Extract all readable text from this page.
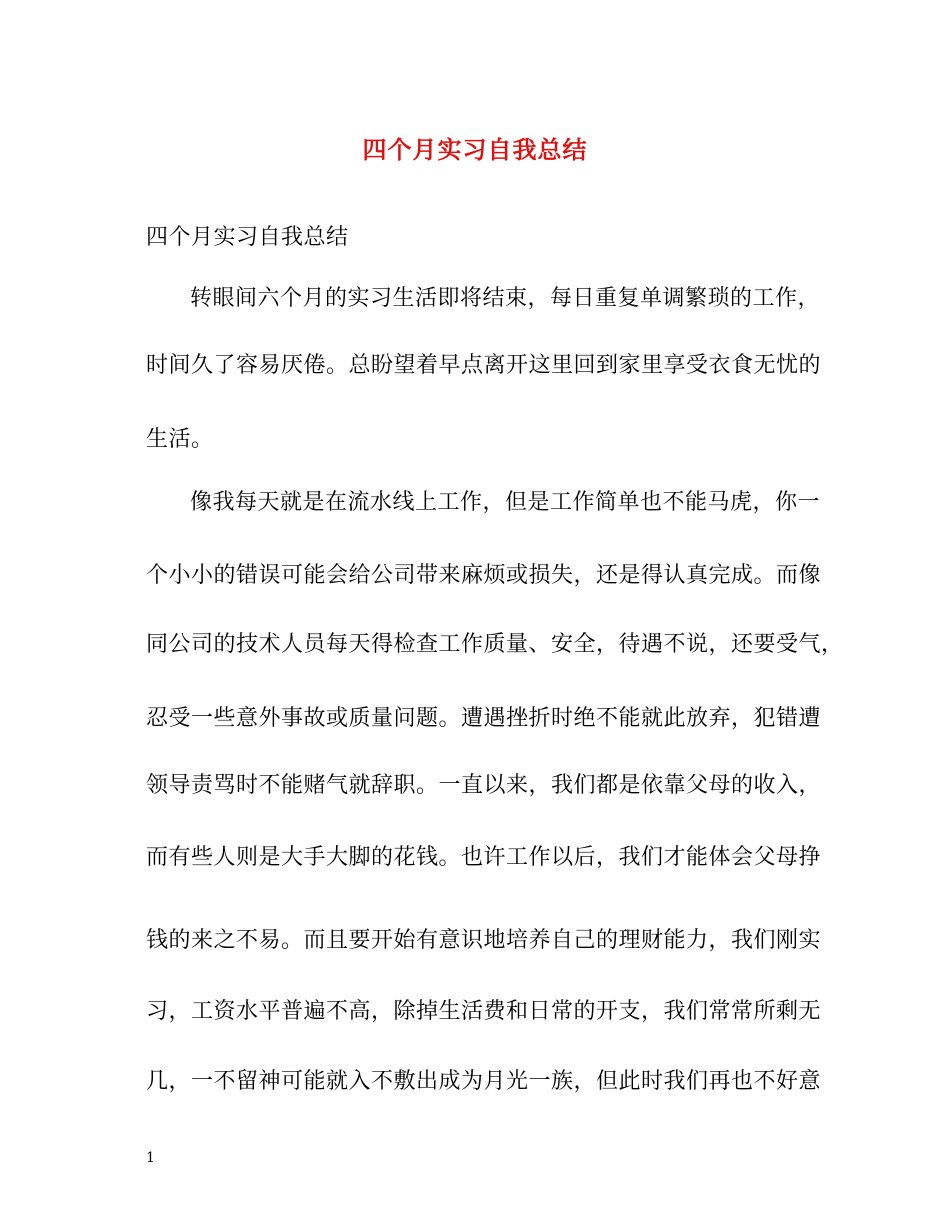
四个月实习自我总结
四个月实习自我总结
转眼间六个月的实习生活即将结束，每日重复单调繁琐的工作，
时间久了容易厌倦。总盼望着早点离开这里回到家里享受衣食无忧的
生活。
像我每天就是在流水线上工作，但是工作简单也不能马虎，你一
个小小的错误可能会给公司带来麻烦或损失，还是得认真完成。而像
同公司的技术人员每天得检查工作质量、安全，待遇不说，还要受气，
忍受一些意外事故或质量问题。遭遇挫折时绝不能就此放弃，犯错遭
领导责骂时不能赌气就辞职。一直以来，我们都是依靠父母的收入，
而有些人则是大手大脚的花钱。也许工作以后，我们才能体会父母挣
钱的来之不易。而且要开始有意识地培养自己的理财能力，我们刚实
习，工资水平普遍不高，除掉生活费和日常的开支，我们常常所剩无
几，一不留神可能就入不敷出成为月光一族，但此时我们再也不好意
1
